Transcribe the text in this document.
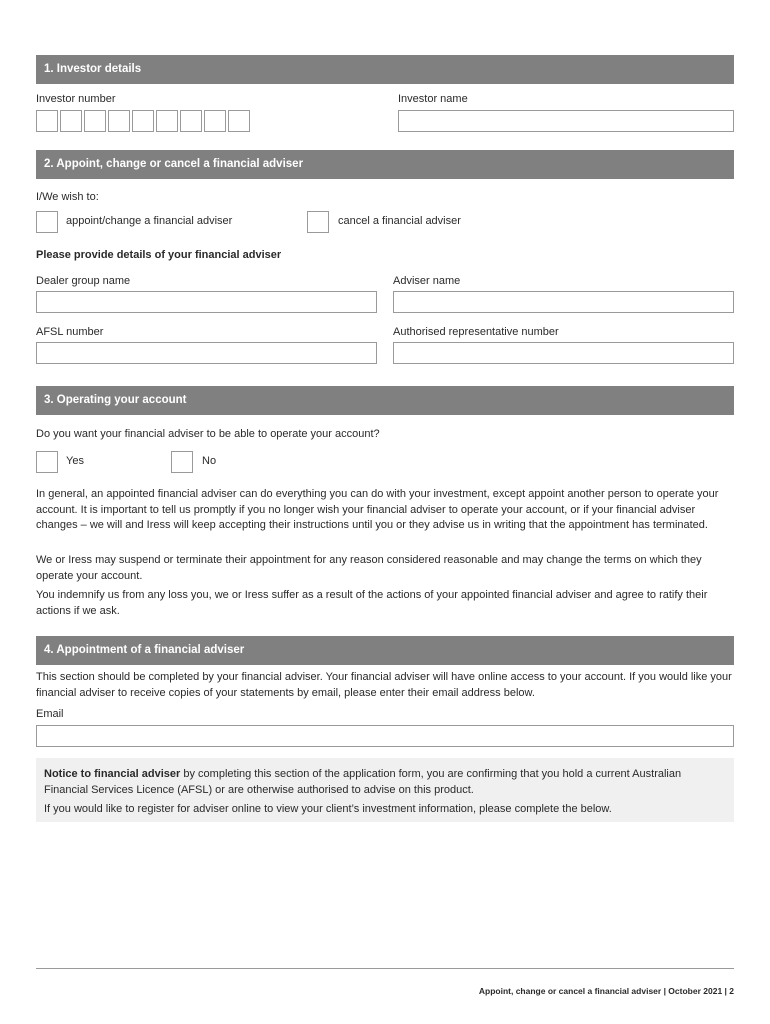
1. Investor details
Investor number	Investor name
2. Appoint, change or cancel a financial adviser
I/We wish to:
appoint/change a financial adviser	cancel a financial adviser
Please provide details of your financial adviser
Dealer group name	Adviser name
AFSL number	Authorised representative number
3. Operating your account
Do you want your financial adviser to be able to operate your account?
Yes	No
In general, an appointed financial adviser can do everything you can do with your investment, except appoint another person to operate your account. It is important to tell us promptly if you no longer wish your financial adviser to operate your account, or if your financial adviser changes – we will and Iress will keep accepting their instructions until you or they advise us in writing that the appointment has terminated.
We or Iress may suspend or terminate their appointment for any reason considered reasonable and may change the terms on which they operate your account.
You indemnify us from any loss you, we or Iress suffer as a result of the actions of your appointed financial adviser and agree to ratify their actions if we ask.
4. Appointment of a financial adviser
This section should be completed by your financial adviser. Your financial adviser will have online access to your account. If you would like your financial adviser to receive copies of your statements by email, please enter their email address below.
Email
Notice to financial adviser by completing this section of the application form, you are confirming that you hold a current Australian Financial Services Licence (AFSL) or are otherwise authorised to advise on this product.
If you would like to register for adviser online to view your client’s investment information, please complete the below.
Appoint, change or cancel a financial adviser | October 2021 | 2
